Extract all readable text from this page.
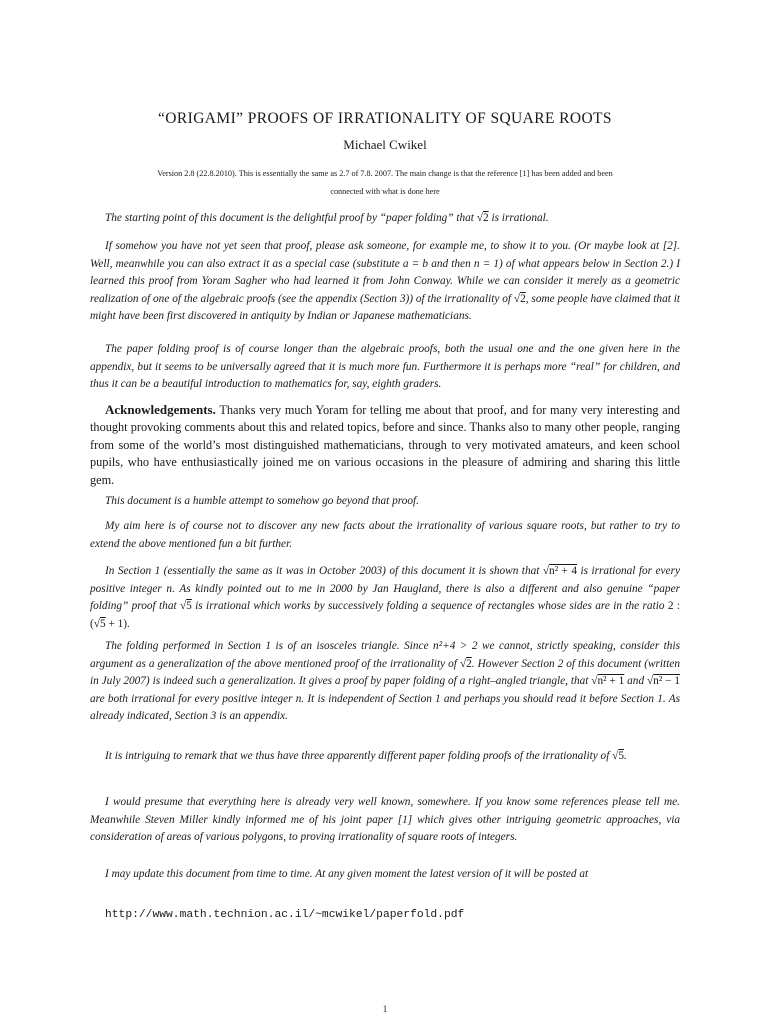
“ORIGAMI” PROOFS OF IRRATIONALITY OF SQUARE ROOTS
Michael Cwikel
Version 2.8 (22.8.2010). This is essentially the same as 2.7 of 7.8. 2007. The main change is that the reference [1] has been added and been
connected with what is done here
The starting point of this document is the delightful proof by “paper folding” that √2 is irrational.
If somehow you have not yet seen that proof, please ask someone, for example me, to show it to you. (Or maybe look at [2]. Well, meanwhile you can also extract it as a special case (substitute a = b and then n = 1) of what appears below in Section 2.) I learned this proof from Yoram Sagher who had learned it from John Conway. While we can consider it merely as a geometric realization of one of the algebraic proofs (see the appendix (Section 3)) of the irrationality of √2, some people have claimed that it might have been first discovered in antiquity by Indian or Japanese mathematicians.
The paper folding proof is of course longer than the algebraic proofs, both the usual one and the one given here in the appendix, but it seems to be universally agreed that it is much more fun. Furthermore it is perhaps more “real” for children, and thus it can be a beautiful introduction to mathematics for, say, eighth graders.
Acknowledgements. Thanks very much Yoram for telling me about that proof, and for many very interesting and thought provoking comments about this and related topics, before and since. Thanks also to many other people, ranging from some of the world’s most distinguished mathematicians, through to very motivated amateurs, and keen school pupils, who have enthusiastically joined me on various occasions in the pleasure of admiring and sharing this little gem.
This document is a humble attempt to somehow go beyond that proof.
My aim here is of course not to discover any new facts about the irrationality of various square roots, but rather to try to extend the above mentioned fun a bit further.
In Section 1 (essentially the same as it was in October 2003) of this document it is shown that √n² + 4 is irrational for every positive integer n. As kindly pointed out to me in 2000 by Jan Haugland, there is also a different and also genuine “paper folding” proof that √5 is irrational which works by successively folding a sequence of rectangles whose sides are in the ratio 2 : (√5 + 1).
The folding performed in Section 1 is of an isosceles triangle. Since n²+4 > 2 we cannot, strictly speaking, consider this argument as a generalization of the above mentioned proof of the irrationality of √2. However Section 2 of this document (written in July 2007) is indeed such a generalization. It gives a proof by paper folding of a right–angled triangle, that √n² + 1 and √n² − 1 are both irrational for every positive integer n. It is independent of Section 1 and perhaps you should read it before Section 1. As already indicated, Section 3 is an appendix.
It is intriguing to remark that we thus have three apparently different paper folding proofs of the irrationality of √5.
I would presume that everything here is already very well known, somewhere. If you know some references please tell me. Meanwhile Steven Miller kindly informed me of his joint paper [1] which gives other intriguing geometric approaches, via consideration of areas of various polygons, to proving irrationality of square roots of integers.
I may update this document from time to time. At any given moment the latest version of it will be posted at
http://www.math.technion.ac.il/~mcwikel/paperfold.pdf
1
